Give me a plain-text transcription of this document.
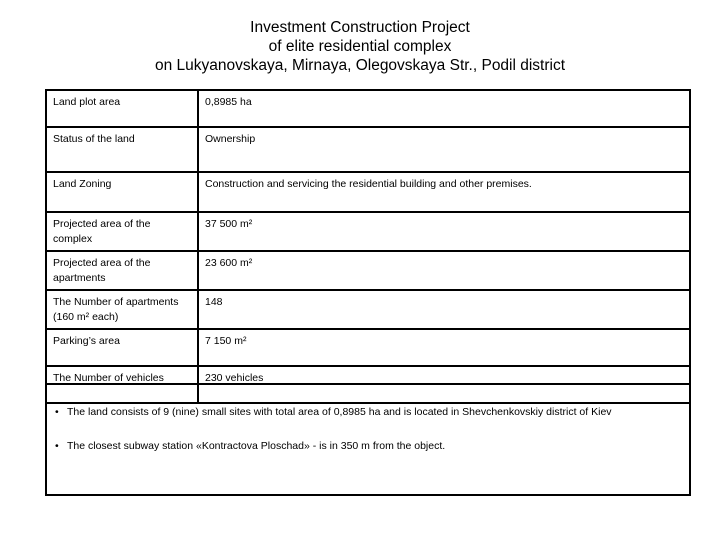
Investment Construction Project
of elite residential complex
on Lukyanovskaya, Mirnaya, Olegovskaya Str., Podil district
Land plot area	0,8985 ha
Status of the land	Ownership
Land Zoning	Construction and servicing the residential building and other premises.
Projected area of the complex	37 500 m²
Projected area of the apartments	23 600 m²
The Number of apartments (160 m² each)	148
Parking’s area	7 150 m²
The Number of vehicles	230 vehicles
• The land consists of 9 (nine) small sites with total area of 0,8985 ha and is located in Shevchenkovskiy district of Kiev
• The closest subway station «Kontractova Ploschad» - is in 350 m from the object.
